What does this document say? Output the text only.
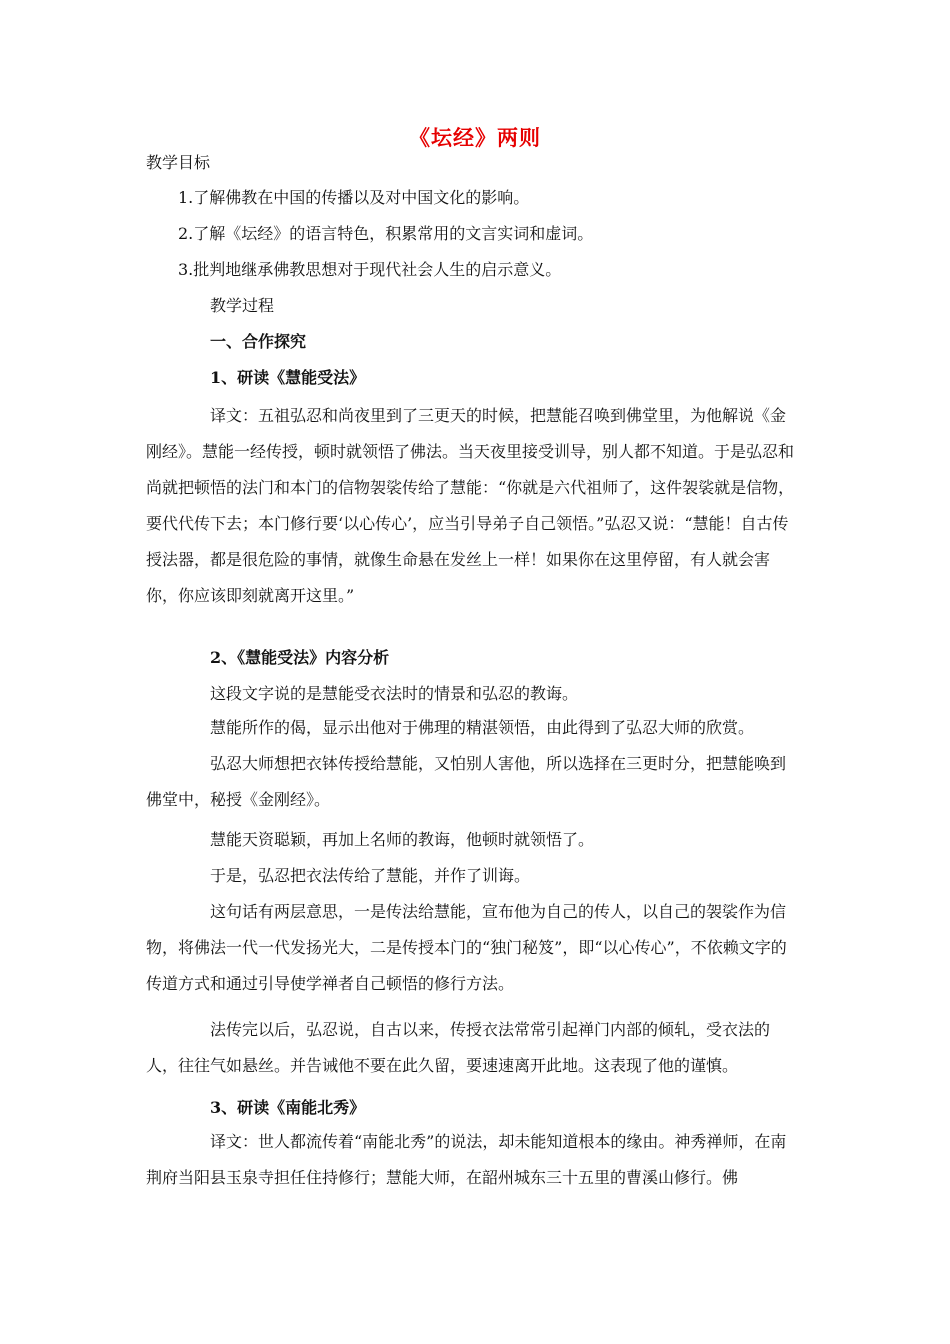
《坛经》两则
教学目标
1.了解佛教在中国的传播以及对中国文化的影响。
2.了解《坛经》的语言特色，积累常用的文言实词和虚词。
3.批判地继承佛教思想对于现代社会人生的启示意义。
教学过程
一、合作探究
1、研读《慧能受法》
译文：五祖弘忍和尚夜里到了三更天的时候，把慧能召唤到佛堂里，为他解说《金刚经》。慧能一经传授，顿时就领悟了佛法。当天夜里接受训导，别人都不知道。于是弘忍和尚就把顿悟的法门和本门的信物袈裟传给了慧能：“你就是六代祖师了，这件袈裟就是信物，要代代传下去；本门修行要‘以心传心’，应当引导弟子自己领悟。”弘忍又说：“慧能！自古传授法器，都是很危险的事情，就像生命悬在发丝上一样！如果你在这里停留，有人就会害你，你应该即刻就离开这里。”
2、《慧能受法》内容分析
这段文字说的是慧能受衣法时的情景和弘忍的教诲。
慧能所作的偈，显示出他对于佛理的精湛领悟，由此得到了弘忍大师的欣赏。
弘忍大师想把衣钵传授给慧能，又怕别人害他，所以选择在三更时分，把慧能唤到佛堂中，秘授《金刚经》。
慧能天资聪颖，再加上名师的教诲，他顿时就领悟了。
于是，弘忍把衣法传给了慧能，并作了训诲。
这句话有两层意思，一是传法给慧能，宣布他为自己的传人，以自己的袈裟作为信物，将佛法一代一代发扬光大，二是传授本门的“独门秘笈”，即“以心传心”，不依赖文字的传道方式和通过引导使学禅者自己顿悟的修行方法。
法传完以后，弘忍说，自古以来，传授衣法常常引起禅门内部的倾轧，受衣法的人，往往气如悬丝。并告诫他不要在此久留，要速速离开此地。这表现了他的谨慎。
3、研读《南能北秀》
译文：世人都流传着“南能北秀”的说法，却未能知道根本的缘由。神秀禅师，在南荆府当阳县玉泉寺担任住持修行；慧能大师，在韶州城东三十五里的曹溪山修行。佛
